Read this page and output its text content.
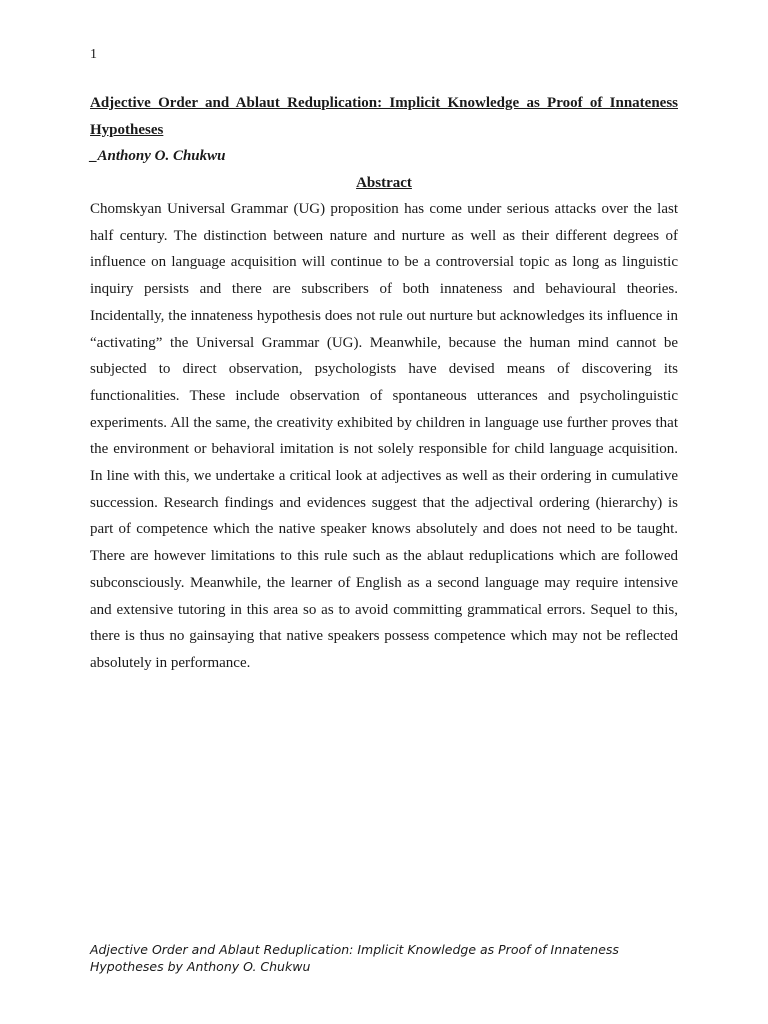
1

Adjective Order and Ablaut Reduplication: Implicit Knowledge as Proof of Innateness Hypotheses

_Anthony O. Chukwu

Abstract

Chomskyan Universal Grammar (UG) proposition has come under serious attacks over the last half century. The distinction between nature and nurture as well as their different degrees of influence on language acquisition will continue to be a controversial topic as long as linguistic inquiry persists and there are subscribers of both innateness and behavioural theories. Incidentally, the innateness hypothesis does not rule out nurture but acknowledges its influence in “activating” the Universal Grammar (UG). Meanwhile, because the human mind cannot be subjected to direct observation, psychologists have devised means of discovering its functionalities. These include observation of spontaneous utterances and psycholinguistic experiments. All the same, the creativity exhibited by children in language use further proves that the environment or behavioral imitation is not solely responsible for child language acquisition. In line with this, we undertake a critical look at adjectives as well as their ordering in cumulative succession. Research findings and evidences suggest that the adjectival ordering (hierarchy) is part of competence which the native speaker knows absolutely and does not need to be taught. There are however limitations to this rule such as the ablaut reduplications which are followed subconsciously. Meanwhile, the learner of English as a second language may require intensive and extensive tutoring in this area so as to avoid committing grammatical errors. Sequel to this, there is thus no gainsaying that native speakers possess competence which may not be reflected absolutely in performance.

Adjective Order and Ablaut Reduplication: Implicit Knowledge as Proof of Innateness Hypotheses by Anthony O. Chukwu
